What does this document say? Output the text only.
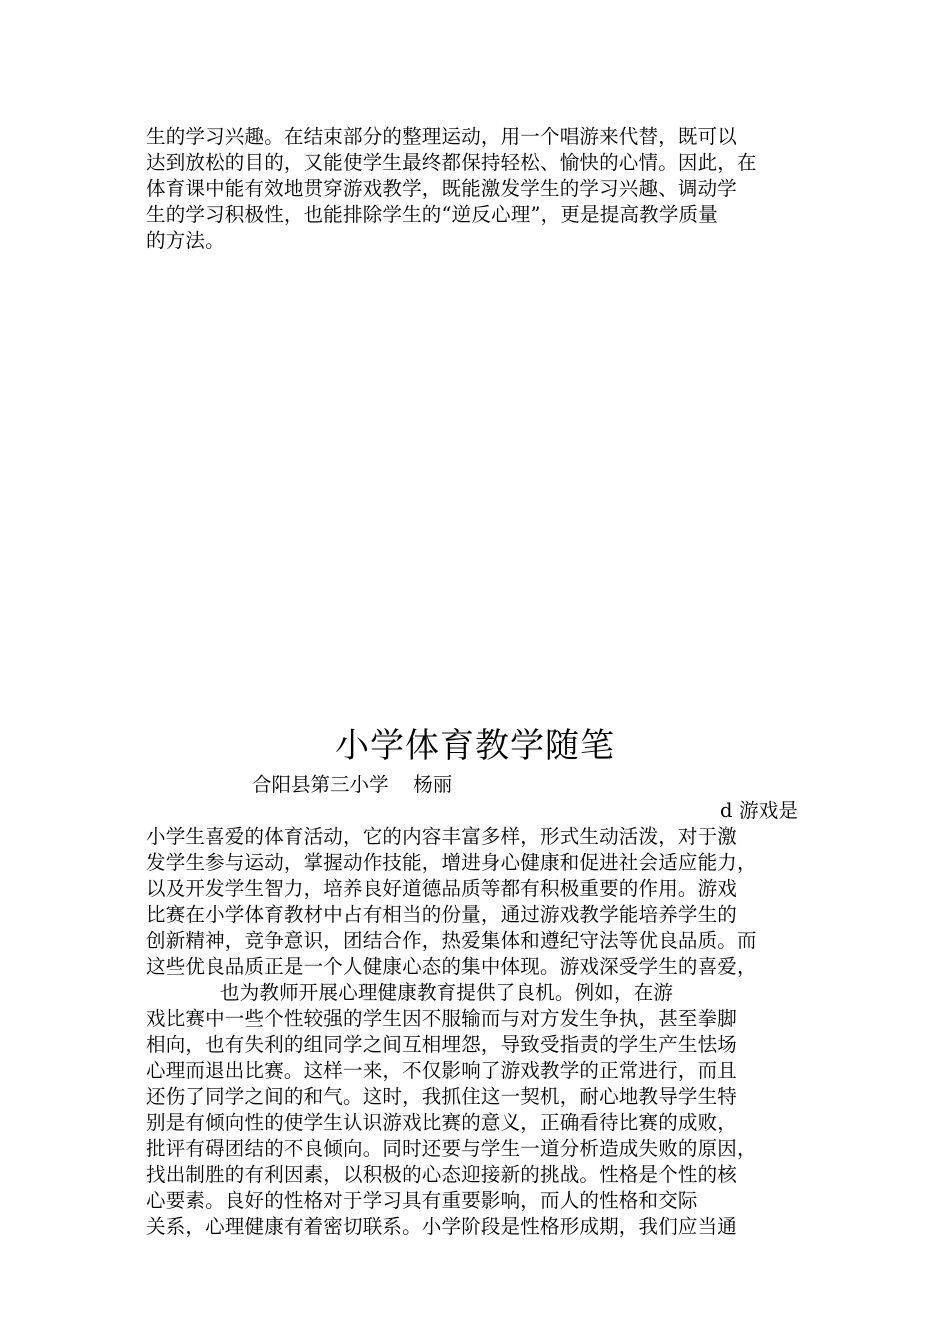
生的学习兴趣。在结束部分的整理运动，用一个唱游来代替，既可以
达到放松的目的，又能使学生最终都保持轻松、愉快的心情。因此，在
体育课中能有效地贯穿游戏教学，既能激发学生的学习兴趣、调动学
生的学习积极性，也能排除学生的“逆反心理”，更是提高教学质量
的方法。
小学体育教学随笔
合阳县第三小学    杨丽
d 游戏是
小学生喜爱的体育活动，它的内容丰富多样，形式生动活泼，对于激
发学生参与运动，掌握动作技能，增进身心健康和促进社会适应能力，
以及开发学生智力，培养良好道德品质等都有积极重要的作用。游戏
比赛在小学体育教材中占有相当的份量，通过游戏教学能培养学生的
创新精神，竞争意识，团结合作，热爱集体和遵纪守法等优良品质。而
这些优良品质正是一个人健康心态的集中体现。游戏深受学生的喜爱，
也为教师开展心理健康教育提供了良机。例如，在游
戏比赛中一些个性较强的学生因不服输而与对方发生争执，甚至拳脚
相向，也有失利的组同学之间互相埋怨，导致受指责的学生产生怯场
心理而退出比赛。这样一来，不仅影响了游戏教学的正常进行，而且
还伤了同学之间的和气。这时，我抓住这一契机，耐心地教导学生特
别是有倾向性的使学生认识游戏比赛的意义，正确看待比赛的成败，
批评有碍团结的不良倾向。同时还要与学生一道分析造成失败的原因，
找出制胜的有利因素，以积极的心态迎接新的挑战。性格是个性的核
心要素。良好的性格对于学习具有重要影响，而人的性格和交际
关系，心理健康有着密切联系。小学阶段是性格形成期，我们应当通
